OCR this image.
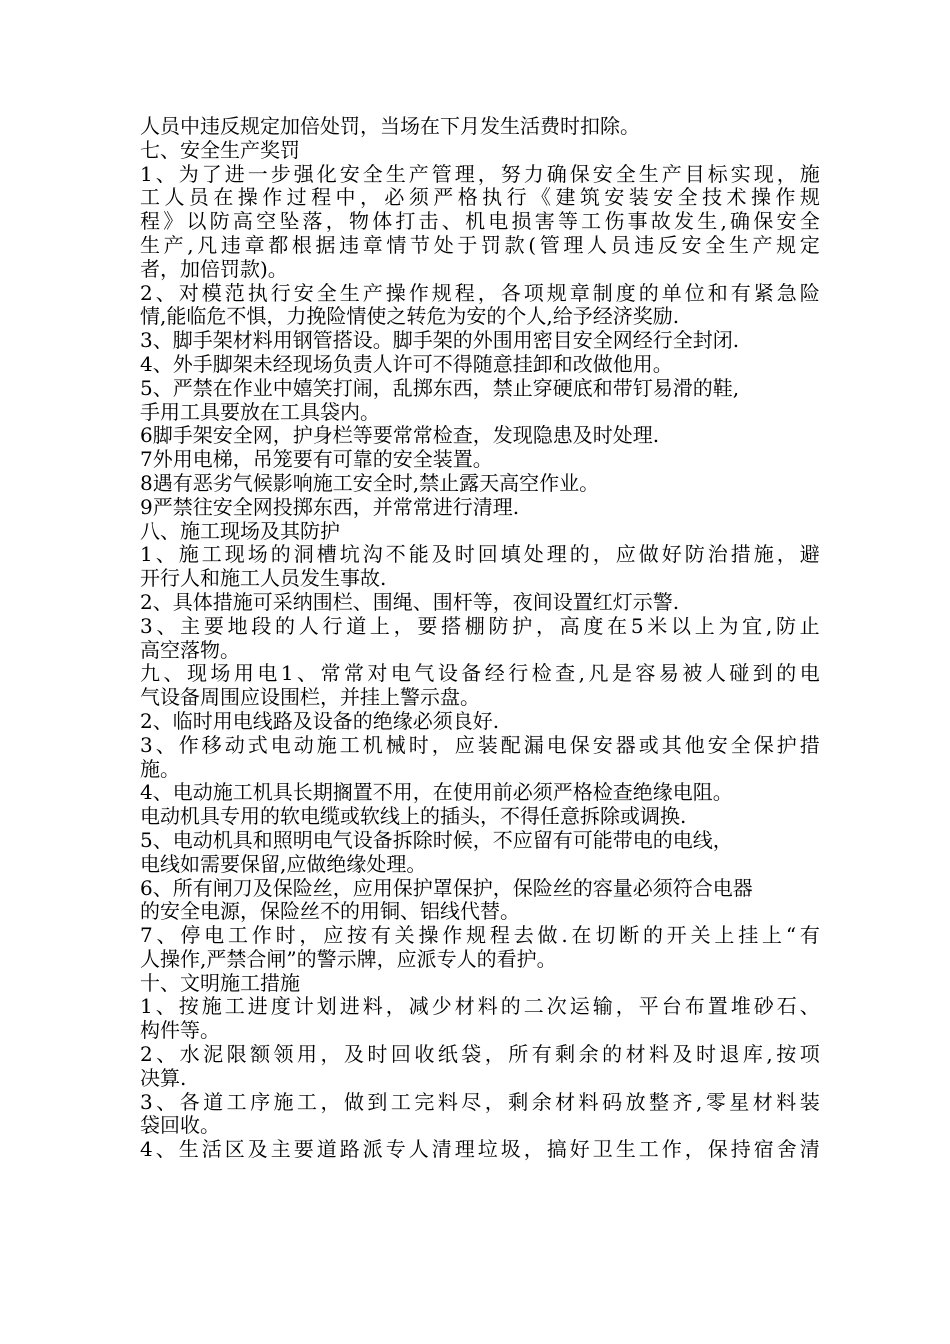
人员中违反规定加倍处罚，当场在下月发生活费时扣除。
七、安全生产奖罚
1 、 为 了 进 一 步 强 化 安 全 生 产 管 理 ， 努 力 确 保 安 全 生 产 目 标 实 现 ， 施
工 人 员 在 操 作 过 程 中 ， 必 须 严 格 执 行 《 建 筑 安 装 安 全 技 术 操 作 规
程 》 以 防 高 空 坠 落 ， 物 体 打 击 、 机 电 损 害 等 工 伤 事 故 发 生 , 确 保 安 全
生 产 , 凡 违 章 都 根 据 违 章 情 节 处 于 罚 款 ( 管 理 人 员 违 反 安 全 生 产 规 定
者，加倍罚款)。
2 、 对 模 范 执 行 安 全 生 产 操 作 规 程 ， 各 项 规 章 制 度 的 单 位 和 有 紧 急 险
情,能临危不惧，力挽险情使之转危为安的个人,给予经济奖励.
3、脚手架材料用钢管搭设。脚手架的外围用密目安全网经行全封闭.
4、外手脚架未经现场负责人许可不得随意挂卸和改做他用。
5、严禁在作业中嬉笑打闹，乱掷东西，禁止穿硬底和带钉易滑的鞋,
手用工具要放在工具袋内。
6脚手架安全网，护身栏等要常常检查，发现隐患及时处理.
7外用电梯，吊笼要有可靠的安全装置。
8遇有恶劣气候影响施工安全时,禁止露天高空作业。
9严禁往安全网投掷东西，并常常进行清理.
八、施工现场及其防护
1 、 施 工 现 场 的 洞 槽 坑 沟 不 能 及 时 回 填 处 理 的 ， 应 做 好 防 治 措 施 ， 避
开行人和施工人员发生事故.
2、具体措施可采纳围栏、围绳、围杆等，夜间设置红灯示警.
3 、 主 要 地 段 的 人 行 道 上 ， 要 搭 棚 防 护 ， 高 度 在 5 米 以 上 为 宜 , 防 止
高空落物。
九 、 现 场 用 电 1 、 常 常 对 电 气 设 备 经 行 检 查 , 凡 是 容 易 被 人 碰 到 的 电
气设备周围应设围栏，并挂上警示盘。
2、临时用电线路及设备的绝缘必须良好.
3 、 作 移 动 式 电 动 施 工 机 械 时 ， 应 装 配 漏 电 保 安 器 或 其 他 安 全 保 护 措
施。
4、电动施工机具长期搁置不用，在使用前必须严格检查绝缘电阻。
电动机具专用的软电缆或软线上的插头，不得任意拆除或调换.
5、电动机具和照明电气设备拆除时候，不应留有可能带电的电线，
电线如需要保留,应做绝缘处理。
6、所有闸刀及保险丝，应用保护罩保护，保险丝的容量必须符合电器
的安全电源，保险丝不的用铜、铝线代替。
7 、 停 电 工 作 时 ， 应 按 有 关 操 作 规 程 去 做 . 在 切 断 的 开 关 上 挂 上 “ 有
人操作,严禁合闸”的警示牌，应派专人的看护。
十、文明施工措施
1 、 按 施 工 进 度 计 划 进 料 ， 减 少 材 料 的 二 次 运 输 ， 平 台 布 置 堆 砂 石 、
构件等。
2 、 水 泥 限 额 领 用 ， 及 时 回 收 纸 袋 ， 所 有 剩 余 的 材 料 及 时 退 库 , 按 项
决算.
3 、 各 道 工 序 施 工 ， 做 到 工 完 料 尽 ， 剩 余 材 料 码 放 整 齐 , 零 星 材 料 装
袋回收。
4 、 生 活 区 及 主 要 道 路 派 专 人 清 理 垃 圾 ， 搞 好 卫 生 工 作 ， 保 持 宿 舍 清
